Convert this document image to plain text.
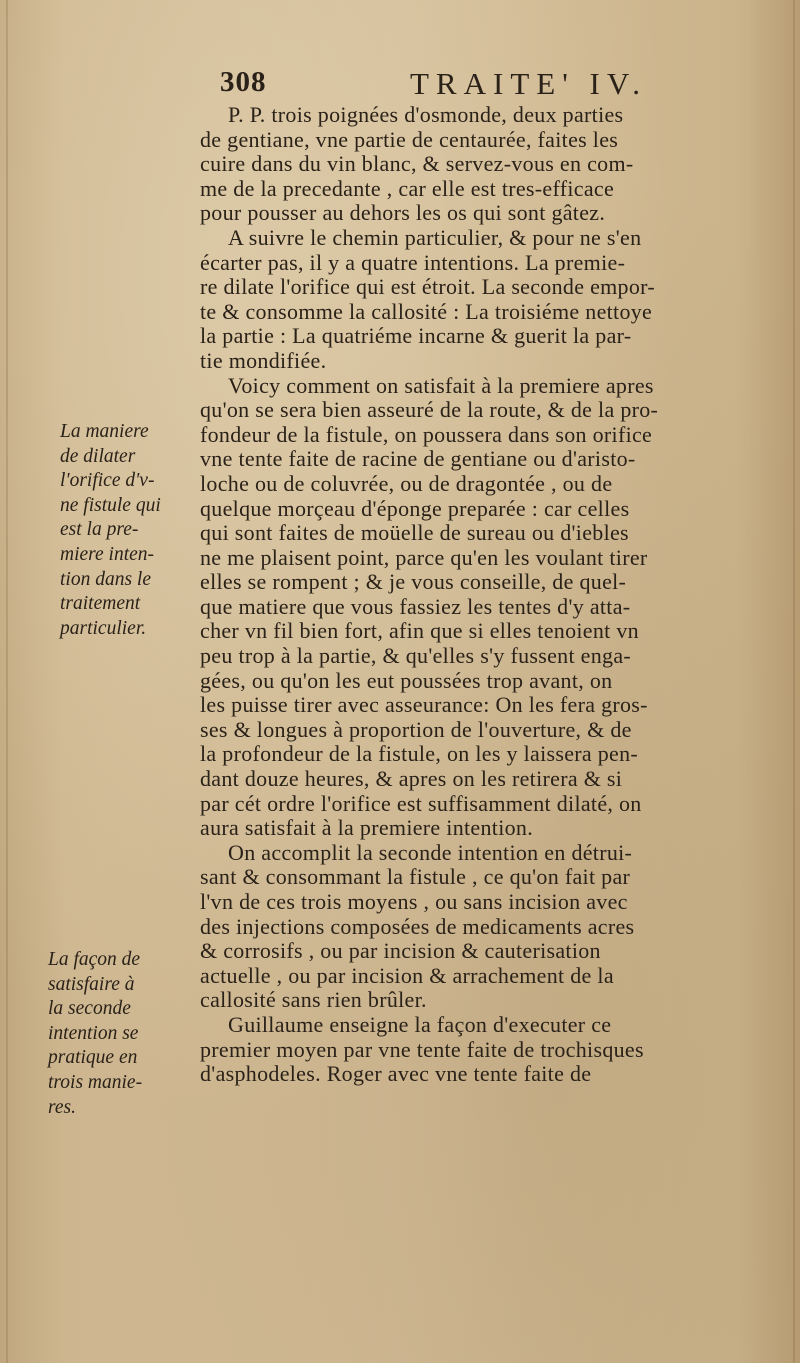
308	TRAITE' IV.
P. P. trois poignées d'osmonde, deux parties
de gentiane, vne partie de centaurée, faites les
cuire dans du vin blanc, & servez-vous en com-
me de la precedante , car elle est tres-efficace
pour pousser au dehors les os qui sont gâtez.
A suivre le chemin particulier, & pour ne s'en
écarter pas, il y a quatre intentions. La premie-
re dilate l'orifice qui est étroit. La seconde empor-
te & consomme la callosité : La troisiéme nettoye
la partie : La quatriéme incarne & guerit la par-
tie mondifiée.
Voicy comment on satisfait à la premiere apres
qu'on se sera bien asseuré de la route, & de la pro-
fondeur de la fistule, on poussera dans son orifice
vne tente faite de racine de gentiane ou d'aristo-
loche ou de coluvrée, ou de dragontée , ou de
quelque morçeau d'éponge preparée : car celles
qui sont faites de moüelle de sureau ou d'iebles
ne me plaisent point, parce qu'en les voulant tirer
elles se rompent ; & je vous conseille, de quel-
que matiere que vous fassiez les tentes d'y atta-
cher vn fil bien fort, afin que si elles tenoient vn
peu trop à la partie, & qu'elles s'y fussent enga-
gées, ou qu'on les eut poussées trop avant, on
les puisse tirer avec asseurance: On les fera gros-
ses & longues à proportion de l'ouverture, & de
la profondeur de la fistule, on les y laissera pen-
dant douze heures, & apres on les retirera & si
par cét ordre l'orifice est suffisamment dilaté, on
aura satisfait à la premiere intention.
On accomplit la seconde intention en détrui-
sant & consommant la fistule , ce qu'on fait par
l'vn de ces trois moyens , ou sans incision avec
des injections composées de medicaments acres
& corrosifs , ou par incision & cauterisation
actuelle , ou par incision & arrachement de la
callosité sans rien brûler.
Guillaume enseigne la façon d'executer ce
premier moyen par vne tente faite de trochisques
d'asphodeles. Roger avec vne tente faite de
La maniere
de dilater
l'orifice d'v-
ne fistule qui
est la pre-
miere inten-
tion dans le
traitement
particulier.
La façon de
satisfaire à
la seconde
intention se
pratique en
trois manie-
res.
